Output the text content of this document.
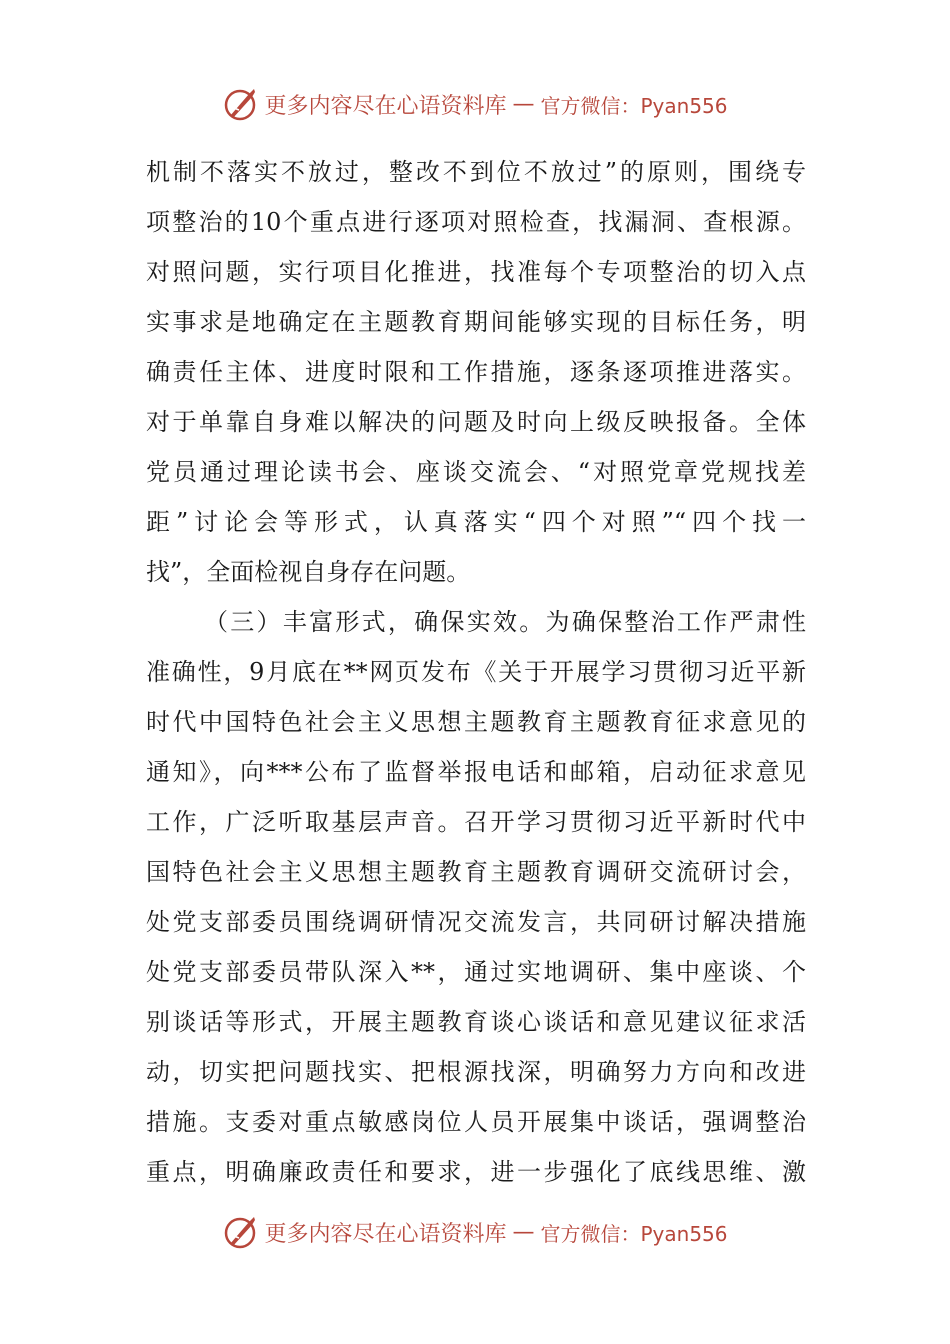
更多内容尽在心语资料库 — 官方微信：Pyan556
机制不落实不放过，整改不到位不放过”的原则，围绕专
项整治的10个重点进行逐项对照检查，找漏洞、查根源。
对照问题，实行项目化推进，找准每个专项整治的切入点
实事求是地确定在主题教育期间能够实现的目标任务，明
确责任主体、进度时限和工作措施，逐条逐项推进落实。
对于单靠自身难以解决的问题及时向上级反映报备。全体
党员通过理论读书会、座谈交流会、“对照党章党规找差
距”讨论会等形式，认真落实“四个对照”“四个找一
找”，全面检视自身存在问题。
（三）丰富形式，确保实效。为确保整治工作严肃性
准确性，9月底在**网页发布《关于开展学习贯彻习近平新
时代中国特色社会主义思想主题教育主题教育征求意见的
通知》，向***公布了监督举报电话和邮箱，启动征求意见
工作，广泛听取基层声音。召开学习贯彻习近平新时代中
国特色社会主义思想主题教育主题教育调研交流研讨会，
处党支部委员围绕调研情况交流发言，共同研讨解决措施
处党支部委员带队深入**，通过实地调研、集中座谈、个
别谈话等形式，开展主题教育谈心谈话和意见建议征求活
动，切实把问题找实、把根源找深，明确努力方向和改进
措施。支委对重点敏感岗位人员开展集中谈话，强调整治
重点，明确廉政责任和要求，进一步强化了底线思维、激
更多内容尽在心语资料库 — 官方微信：Pyan556
